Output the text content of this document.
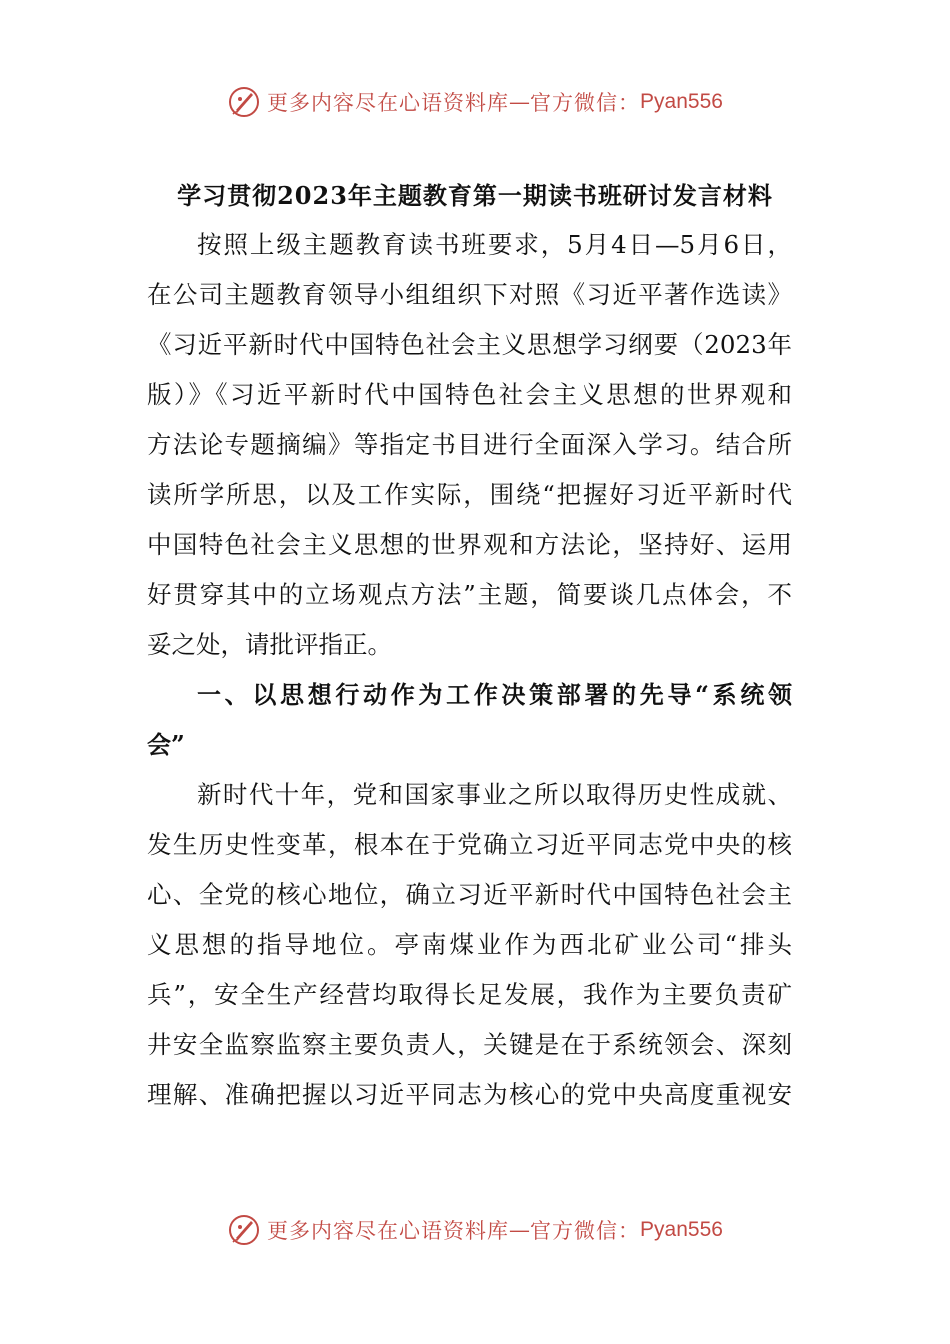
更多内容尽在心语资料库 — 官方微信： Pyan556
学习贯彻2023年主题教育第一期读书班研讨发言材料
按照上级主题教育读书班要求，5月4日—5月6日，
在公司主题教育领导小组组织下对照《习近平著作选读》
《习近平新时代中国特色社会主义思想学习纲要（2023年
版）》《习近平新时代中国特色社会主义思想的世界观和
方法论专题摘编》等指定书目进行全面深入学习。结合所
读所学所思，以及工作实际，围绕“把握好习近平新时代
中国特色社会主义思想的世界观和方法论，坚持好、运用
好贯穿其中的立场观点方法”主题，简要谈几点体会，不
妥之处，请批评指正。
一、以思想行动作为工作决策部署的先导“系统领
会”
新时代十年，党和国家事业之所以取得历史性成就、
发生历史性变革，根本在于党确立习近平同志党中央的核
心、全党的核心地位，确立习近平新时代中国特色社会主
义思想的指导地位。亭南煤业作为西北矿业公司“排头
兵”，安全生产经营均取得长足发展，我作为主要负责矿
井安全监察监察主要负责人，关键是在于系统领会、深刻
理解、准确把握以习近平同志为核心的党中央高度重视安
更多内容尽在心语资料库 — 官方微信： Pyan556
